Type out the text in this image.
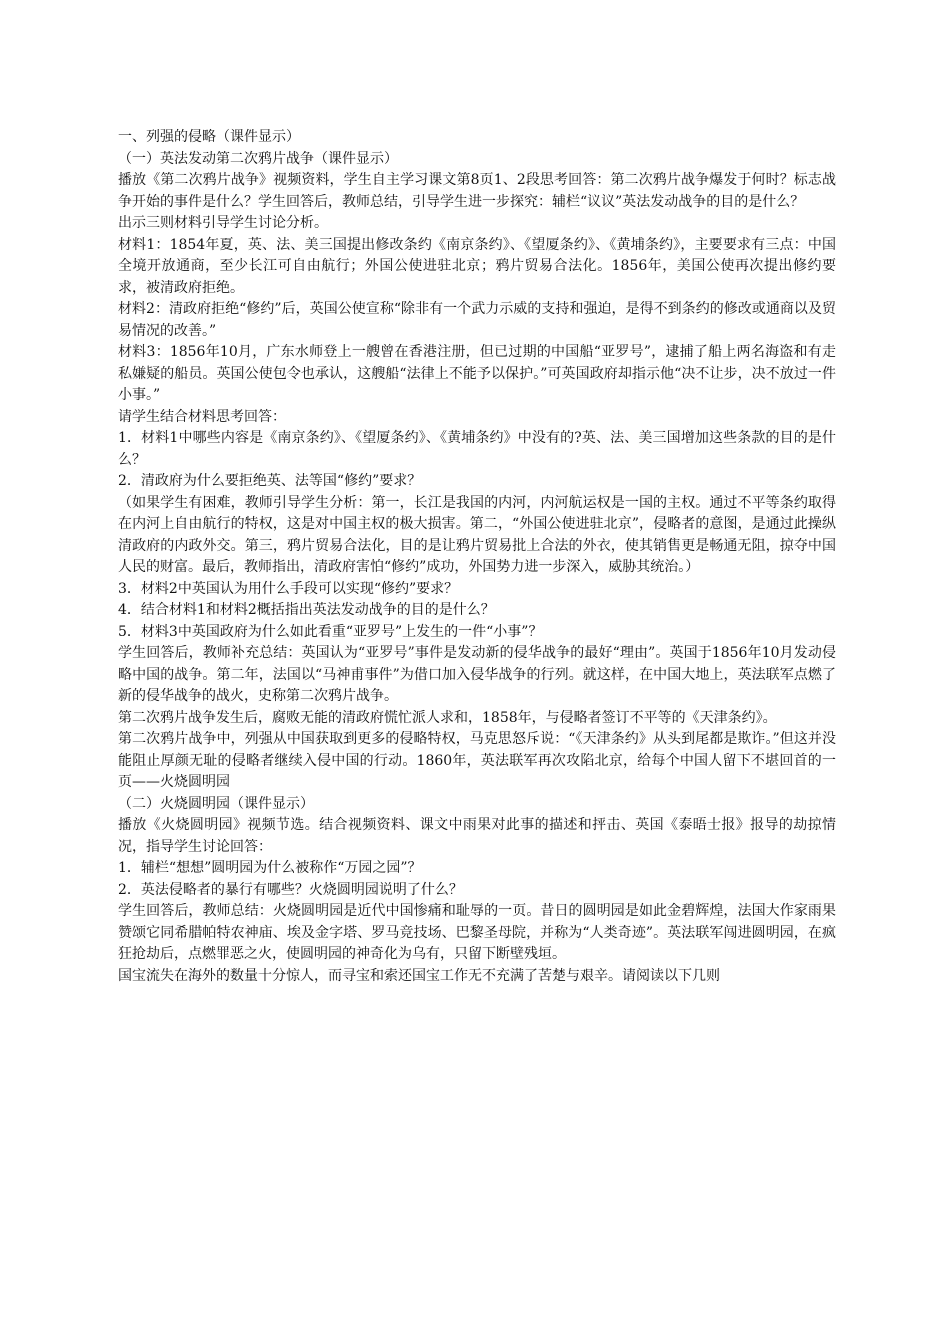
一、列强的侵略（课件显示）

（一）英法发动第二次鸦片战争（课件显示）

播放《第二次鸦片战争》视频资料，学生自主学习课文第8页1、2段思考回答：第二次鸦片战争爆发于何时？标志战争开始的事件是什么？学生回答后，教师总结，引导学生进一步探究：辅栏“议议”英法发动战争的目的是什么？

出示三则材料引导学生讨论分析。

材料1：1854年夏，英、法、美三国提出修改条约《南京条约》、《望厦条约》、《黄埔条约》，主要要求有三点：中国全境开放通商，至少长江可自由航行；外国公使进驻北京；鸦片贸易合法化。1856年，美国公使再次提出修约要求，被清政府拒绝。

材料2：清政府拒绝“修约”后，英国公使宣称“除非有一个武力示威的支持和强迫，是得不到条约的修改或通商以及贸易情况的改善。”

材料3：1856年10月，广东水师登上一艘曾在香港注册，但已过期的中国船“亚罗号”，逮捕了船上两名海盗和有走私嫌疑的船员。英国公使包令也承认，这艘船“法律上不能予以保护。”可英国政府却指示他“决不让步，决不放过一件小事。”

请学生结合材料思考回答：

1．材料1中哪些内容是《南京条约》、《望厦条约》、《黄埔条约》中没有的?英、法、美三国增加这些条款的目的是什么？

2．清政府为什么要拒绝英、法等国“修约”要求？

（如果学生有困难，教师引导学生分析：第一，长江是我国的内河，内河航运权是一国的主权。通过不平等条约取得在内河上自由航行的特权，这是对中国主权的极大损害。第二，“外国公使进驻北京”，侵略者的意图，是通过此操纵清政府的内政外交。第三，鸦片贸易合法化，目的是让鸦片贸易批上合法的外衣，使其销售更是畅通无阻，掠夺中国人民的财富。最后，教师指出，清政府害怕“修约”成功，外国势力进一步深入，威胁其统治。）

3．材料2中英国认为用什么手段可以实现“修约”要求？

4．结合材料1和材料2概括指出英法发动战争的目的是什么？

5．材料3中英国政府为什么如此看重“亚罗号”上发生的一件“小事”？

学生回答后，教师补充总结：英国认为“亚罗号”事件是发动新的侵华战争的最好“理由”。英国于1856年10月发动侵略中国的战争。第二年，法国以“马神甫事件”为借口加入侵华战争的行列。就这样，在中国大地上，英法联军点燃了新的侵华战争的战火，史称第二次鸦片战争。

第二次鸦片战争发生后，腐败无能的清政府慌忙派人求和，1858年，与侵略者签订不平等的《天津条约》。

第二次鸦片战争中，列强从中国获取到更多的侵略特权，马克思怒斥说：“《天津条约》从头到尾都是欺诈。”但这并没能阻止厚颜无耻的侵略者继续入侵中国的行动。1860年，英法联军再次攻陷北京，给每个中国人留下不堪回首的一页——火烧圆明园

（二）火烧圆明园（课件显示）

播放《火烧圆明园》视频节选。结合视频资料、课文中雨果对此事的描述和抨击、英国《泰晤士报》报导的劫掠情况，指导学生讨论回答：

1．辅栏“想想”圆明园为什么被称作“万园之园”？

2．英法侵略者的暴行有哪些？火烧圆明园说明了什么？

学生回答后，教师总结：火烧圆明园是近代中国惨痛和耻辱的一页。昔日的圆明园是如此金碧辉煌，法国大作家雨果赞颂它同希腊帕特农神庙、埃及金字塔、罗马竞技场、巴黎圣母院，并称为“人类奇迹”。英法联军闯进圆明园，在疯狂抢劫后，点燃罪恶之火，使圆明园的神奇化为乌有，只留下断壁残垣。

国宝流失在海外的数量十分惊人，而寻宝和索还国宝工作无不充满了苦楚与艰辛。请阅读以下几则
